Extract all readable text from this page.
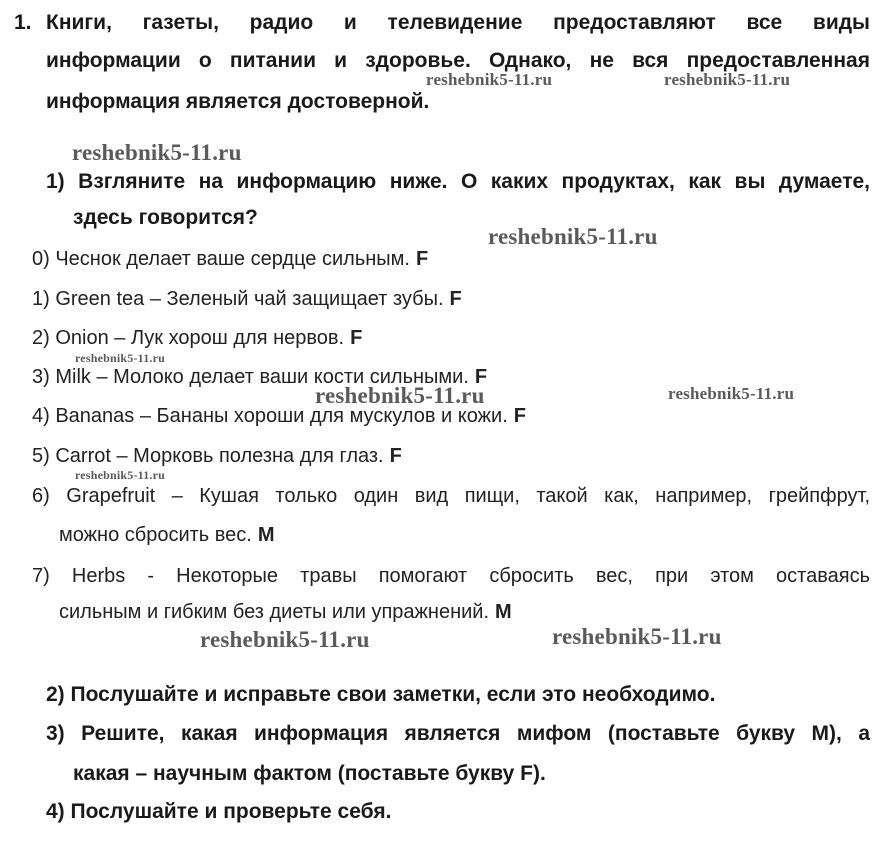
1. Книги, газеты, радио и телевидение предоставляют все виды
информации о питании и здоровье. Однако, не вся предоставленная
информация является достоверной.
1) Взгляните на информацию ниже. О каких продуктах, как вы думаете,
здесь говорится?
0) Чеснок делает ваше сердце сильным. F
1) Green tea – Зеленый чай защищает зубы. F
2) Onion – Лук хорош для нервов. F
3) Milk – Молоко делает ваши кости сильными. F
4) Bananas – Бананы хороши для мускулов и кожи. F
5) Carrot – Морковь полезна для глаз. F
6) Grapefruit – Кушая только один вид пищи, такой как, например, грейпфрут,
можно сбросить вес. M
7) Herbs - Некоторые травы помогают сбросить вес, при этом оставаясь
сильным и гибким без диеты или упражнений. M
2) Послушайте и исправьте свои заметки, если это необходимо.
3) Решите, какая информация является мифом (поставьте букву М), а
какая – научным фактом (поставьте букву F).
4) Послушайте и проверьте себя.
reshebnik5-11.ru	reshebnik5-11.ru
reshebnik5-11.ru
reshebnik5-11.ru
reshebnik5-11.ru
reshebnik5-11.ru	reshebnik5-11.ru
reshebnik5-11.ru
reshebnik5-11.ru	reshebnik5-11.ru
